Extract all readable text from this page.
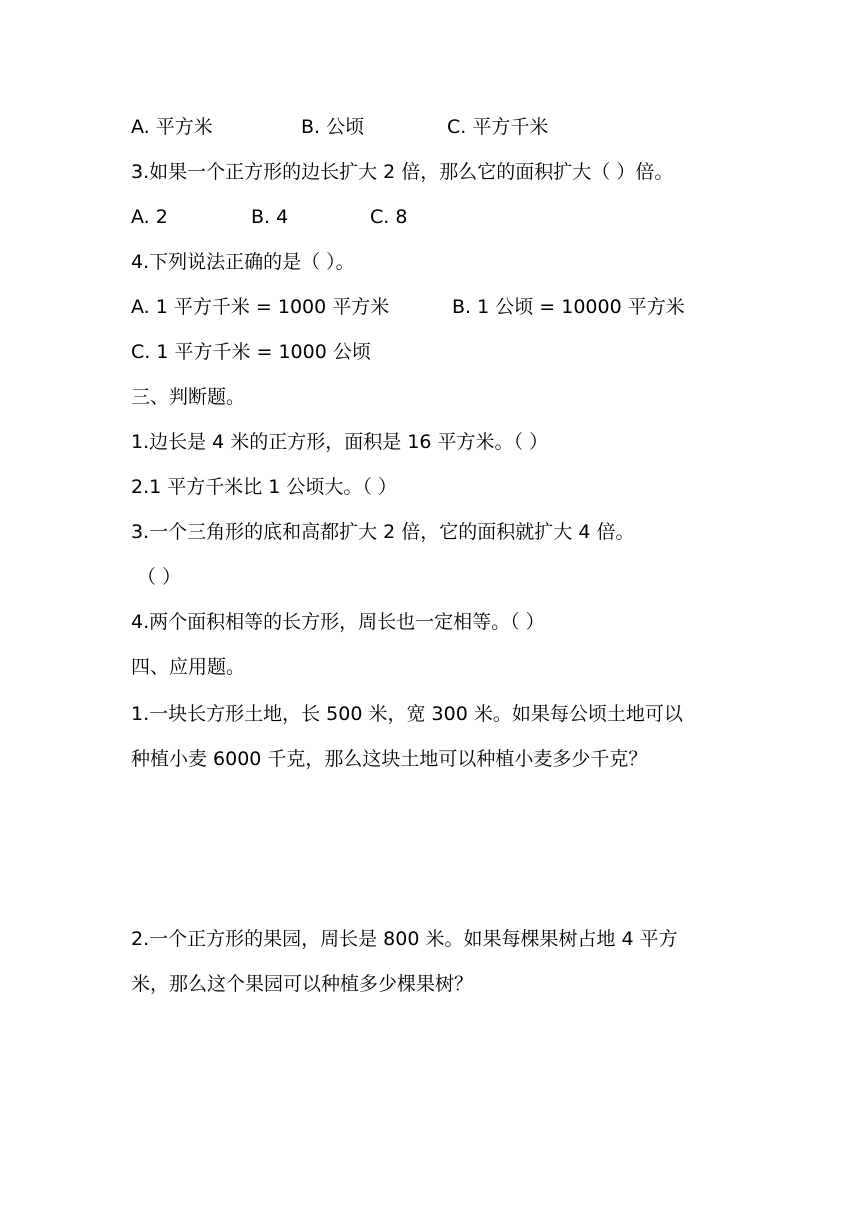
A. 平方米	B. 公顷	C. 平方千米
3.如果一个正方形的边长扩大 2 倍，那么它的面积扩大（ ）倍。
A. 2	B. 4	C. 8
4.下列说法正确的是（ ）。
A. 1 平方千米 = 1000 平方米	B. 1 公顷 = 10000 平方米
C. 1 平方千米 = 1000 公顷
三、判断题。
1.边长是 4 米的正方形，面积是 16 平方米。（ ）
2.1 平方千米比 1 公顷大。（ ）
3.一个三角形的底和高都扩大 2 倍，它的面积就扩大 4 倍。
（ ）
4.两个面积相等的长方形，周长也一定相等。（ ）
四、应用题。
1.一块长方形土地，长 500 米，宽 300 米。如果每公顷土地可以
种植小麦 6000 千克，那么这块土地可以种植小麦多少千克？
2.一个正方形的果园，周长是 800 米。如果每棵果树占地 4 平方
米，那么这个果园可以种植多少棵果树？
